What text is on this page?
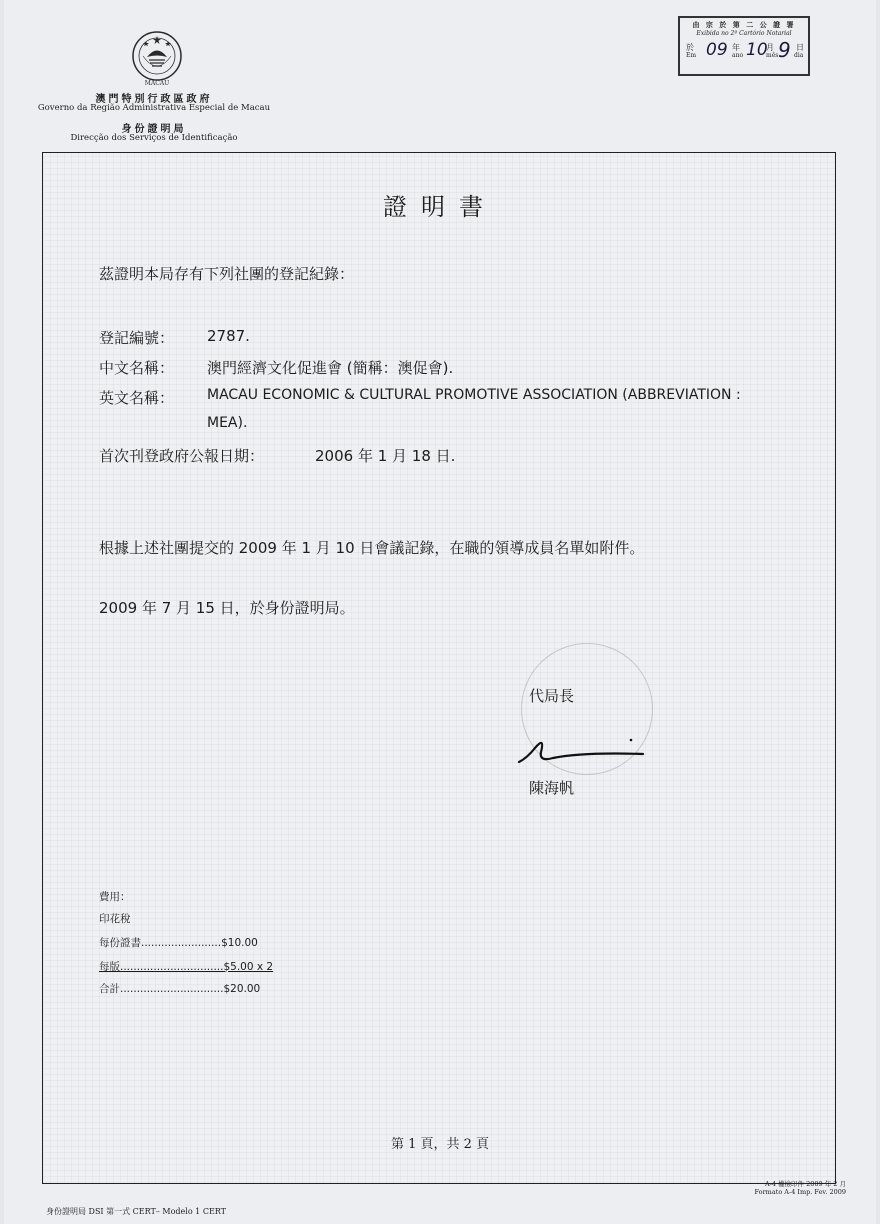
MACAU
澳門特別行政區政府
Governo da Região Administrativa Especial de Macau
身份證明局
Direcção dos Serviços de Identificação
由 宗 於 第 二 公 證 署
Exibida no 2º Cartório Notarial
於
Em 09 年
ano 10
月
mês 9 日
dia
證明書
茲證明本局存有下列社團的登記紀錄：
登記編號： 2787.
中文名稱： 澳門經濟文化促進會 (簡稱：澳促會).
英文名稱： MACAU ECONOMIC & CULTURAL PROMOTIVE ASSOCIATION (ABBREVIATION :
MEA).
首次刊登政府公報日期：	2006 年 1 月 18 日.
根據上述社團提交的 2009 年 1 月 10 日會議記錄，在職的領導成員名單如附件。
2009 年 7 月 15 日，於身份證明局。
代局長
陳海帆
費用：
印花稅
每份證書........................$10.00
每版...............................$5.00 x 2
合計...............................$20.00
第 1 頁，共 2 頁
身份證明局 DSI 第一式 CERT– Modelo 1 CERT
A-4 權檢印件 2009 年 2 月
Formato A-4 Imp. Fev. 2009
